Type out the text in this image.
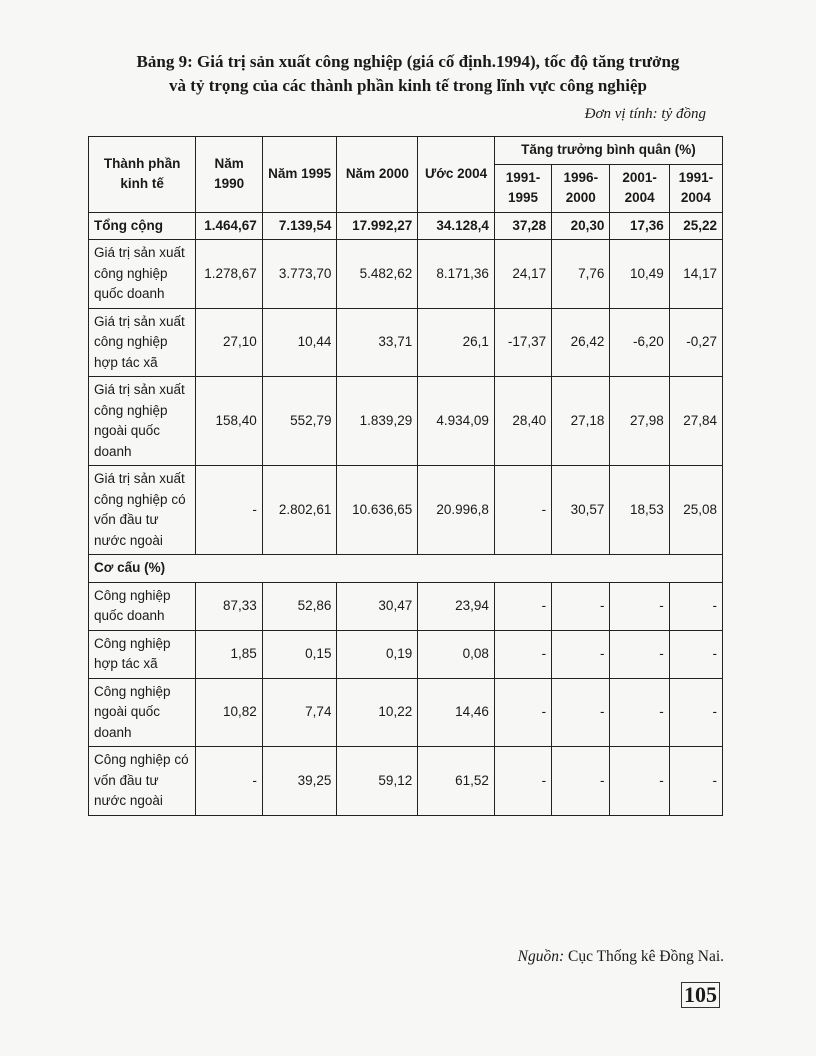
Bảng 9: Giá trị sản xuất công nghiệp (giá cố định.1994), tốc độ tăng trưởng
và tỷ trọng của các thành phần kinh tế trong lĩnh vực công nghiệp
Đơn vị tính: tỷ đồng
Thành phần kinh tế	Năm 1990	Năm 1995	Năm 2000	Ước 2004	Tăng trưởng bình quân (%)			
					1991-1995	1996-2000	2001-2004	1991-2004
Tổng cộng	1.464,67	7.139,54	17.992,27	34.128,4	37,28	20,30	17,36	25,22
Giá trị sản xuất công nghiệp quốc doanh	1.278,67	3.773,70	5.482,62	8.171,36	24,17	7,76	10,49	14,17
Giá trị sản xuất công nghiệp hợp tác xã	27,10	10,44	33,71	26,1	-17,37	26,42	-6,20	-0,27
Giá trị sản xuất công nghiệp ngoài quốc doanh	158,40	552,79	1.839,29	4.934,09	28,40	27,18	27,98	27,84
Giá trị sản xuất công nghiệp có vốn đầu tư nước ngoài	-	2.802,61	10.636,65	20.996,8	-	30,57	18,53	25,08
Cơ cấu (%)								
Công nghiệp quốc doanh	87,33	52,86	30,47	23,94	-	-	-	-
Công nghiệp hợp tác xã	1,85	0,15	0,19	0,08	-	-	-	-
Công nghiệp ngoài quốc doanh	10,82	7,74	10,22	14,46	-	-	-	-
Công nghiệp có vốn đầu tư nước ngoài	-	39,25	59,12	61,52	-	-	-	-
Nguồn: Cục Thống kê Đồng Nai.
105
